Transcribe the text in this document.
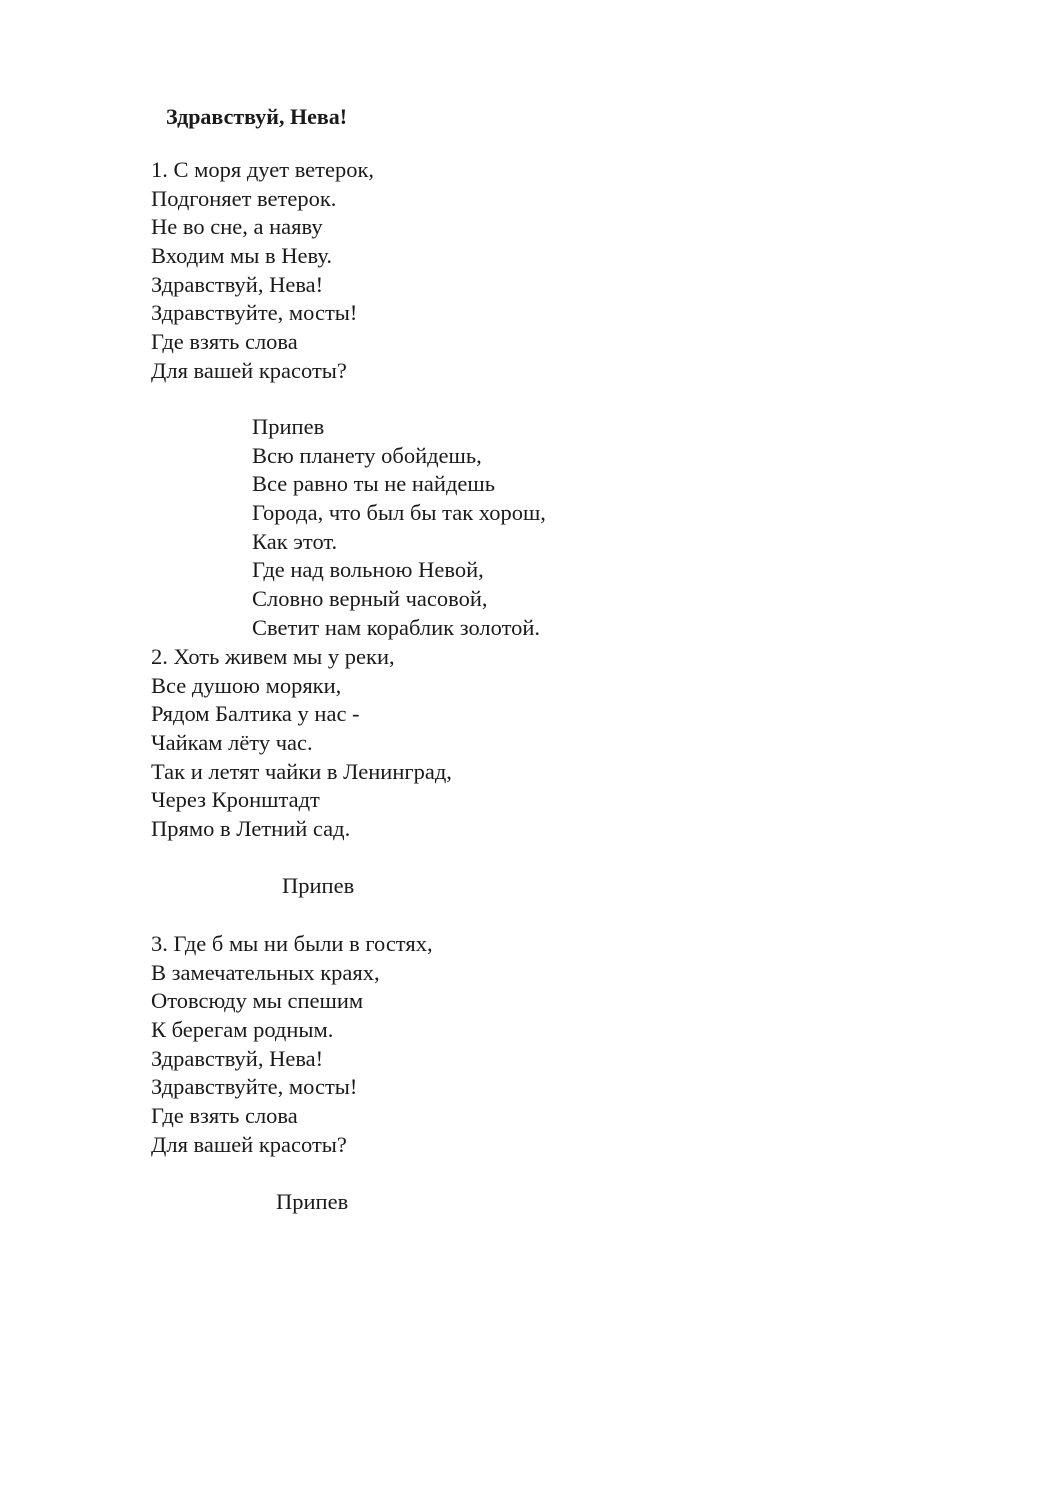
Здравствуй, Нева!
1. С моря дует ветерок,
Подгоняет ветерок.
Не во сне, а наяву
Входим мы в Неву.
Здравствуй, Нева!
Здравствуйте, мосты!
Где взять слова
Для вашей красоты?
Припев
Всю планету обойдешь,
Все равно ты не найдешь
Города, что был бы так хорош,
Как этот.
Где над вольною Невой,
Словно верный часовой,
Светит нам кораблик золотой.
2. Хоть живем мы у реки,
Все душою моряки,
Рядом Балтика у нас -
Чайкам лёту час.
Так и летят чайки в Ленинград,
Через Кронштадт
Прямо в Летний сад.
Припев
3. Где б мы ни были в гостях,
В замечательных краях,
Отовсюду мы спешим
К берегам родным.
Здравствуй, Нева!
Здравствуйте, мосты!
Где взять слова
Для вашей красоты?
Припев
